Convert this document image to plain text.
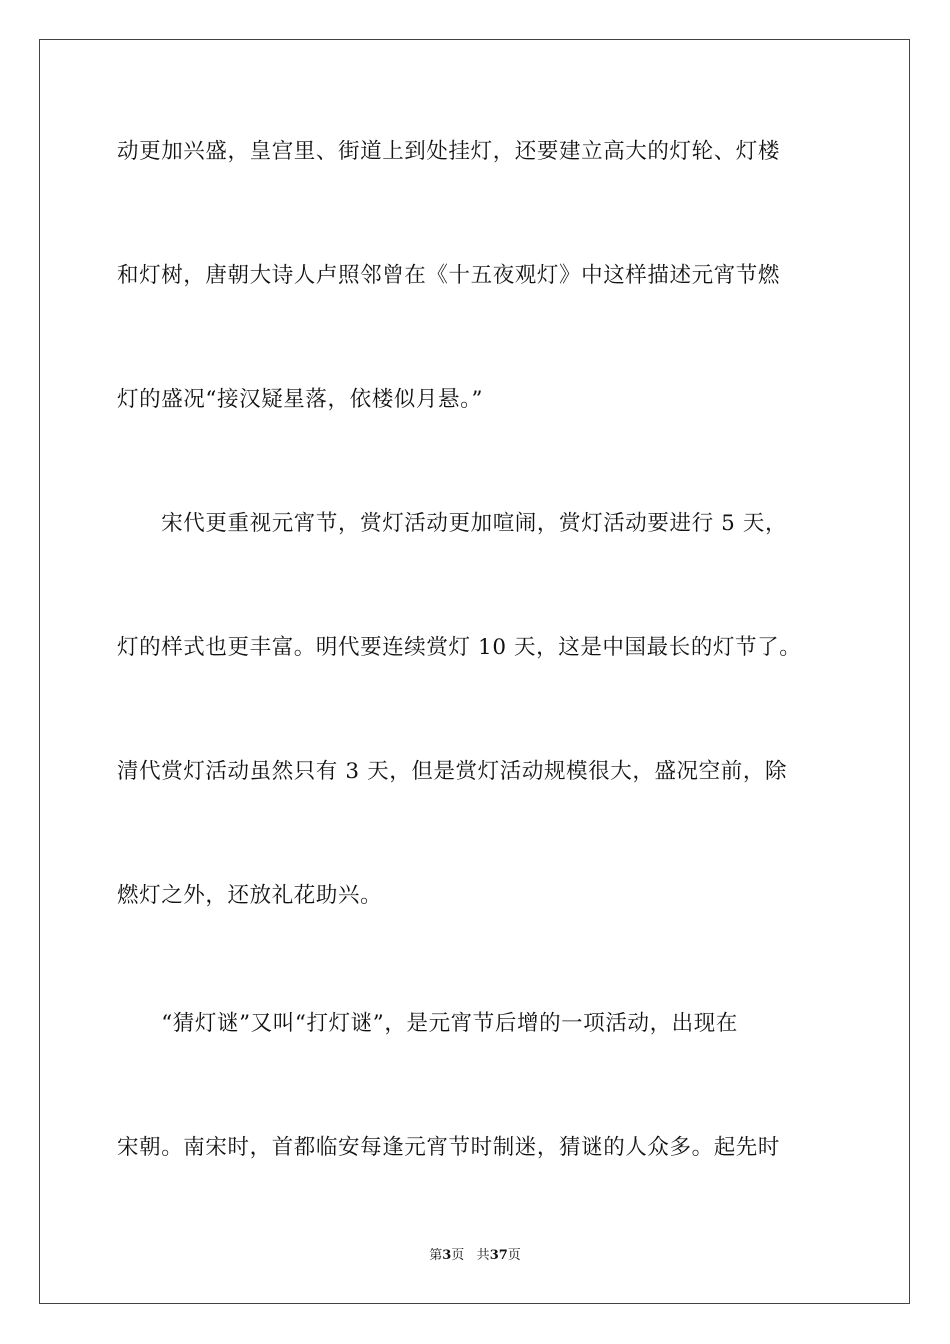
动更加兴盛，皇宫里、街道上到处挂灯，还要建立高大的灯轮、灯楼
和灯树，唐朝大诗人卢照邻曾在《十五夜观灯》中这样描述元宵节燃
灯的盛况“接汉疑星落，依楼似月悬。”
　　宋代更重视元宵节，赏灯活动更加喧闹，赏灯活动要进行 5 天，
灯的样式也更丰富。明代要连续赏灯 10 天，这是中国最长的灯节了。
清代赏灯活动虽然只有 3 天，但是赏灯活动规模很大，盛况空前，除
燃灯之外，还放礼花助兴。
　　“猜灯谜”又叫“打灯谜”，是元宵节后增的一项活动，出现在
宋朝。南宋时，首都临安每逢元宵节时制迷，猜谜的人众多。起先时
第3页 共37页
